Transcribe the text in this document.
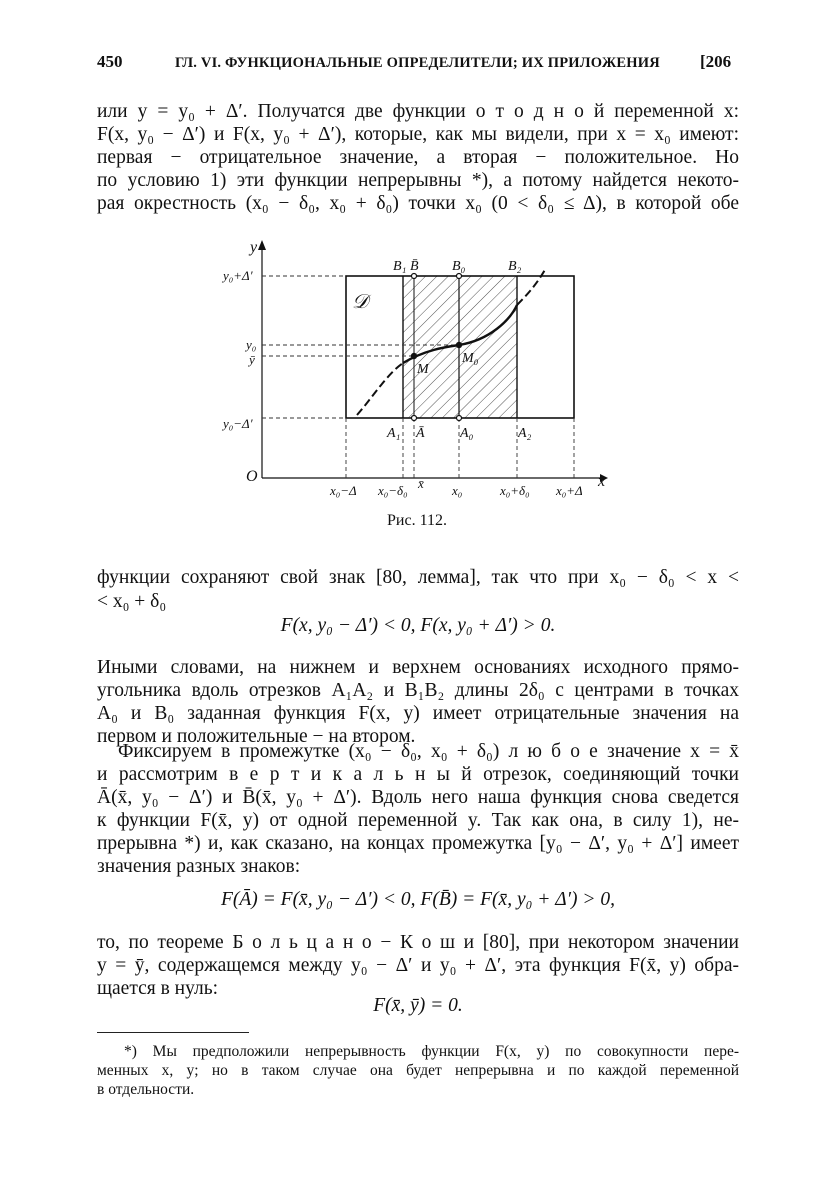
450	ГЛ. VI. ФУНКЦИОНАЛЬНЫЕ ОПРЕДЕЛИТЕЛИ; ИХ ПРИЛОЖЕНИЯ [206
или y = y₀ + Δ′. Получатся две функции о т о д н о й переменной x:
F(x, y₀ − Δ′) и F(x, y₀ + Δ′), которые, как мы видели, при x = x₀ имеют:
первая − отрицательное значение, а вторая − положительное. Но
по условию 1) эти функции непрерывны *), а потому найдется некото-
рая окрестность (x₀ − δ₀, x₀ + δ₀) точки x₀ (0 < δ₀ ≤ Δ), в которой обе
y
x
O
𝒟
B₁ B̄ B₀	B₂
A₁ Ā	A₀	A₂
y₀+Δ′
y₀
ȳ
y₀−Δ′
x₀−Δ x₀−δ₀ x̄ x₀	x₀+δ₀ x₀+Δ
M₀
M
Рис. 112.
функции сохраняют свой знак [80, лемма], так что при x₀ − δ₀ < x <
< x₀ + δ₀
F(x, y₀ − Δ′) < 0, F(x, y₀ + Δ′) > 0.
Иными словами, на нижнем и верхнем основаниях исходного прямо-
угольника вдоль отрезков A₁A₂ и B₁B₂ длины 2δ₀ с центрами в точках
A₀ и B₀ заданная функция F(x, y) имеет отрицательные значения на
первом и положительные − на втором.
Фиксируем в промежутке (x₀ − δ₀, x₀ + δ₀) л ю б о е значение x = x̄
и рассмотрим в е р т и к а л ь н ы й отрезок, соединяющий точки
Ā(x̄, y₀ − Δ′) и B̄(x̄, y₀ + Δ′). Вдоль него наша функция снова сведется
к функции F(x̄, y) от одной переменной y. Так как она, в силу 1), не-
прерывна *) и, как сказано, на концах промежутка [y₀ − Δ′, y₀ + Δ′] имеет
значения разных знаков:
F(Ā) = F(x̄, y₀ − Δ′) < 0, F(B̄) = F(x̄, y₀ + Δ′) > 0,
то, по теореме Б о л ь ц а н о − К о ш и [80], при некотором значении
y = ȳ, содержащемся между y₀ − Δ′ и y₀ + Δ′, эта функция F(x̄, y) обра-
щается в нуль:
F(x̄, ȳ) = 0.
*) Мы предположили непрерывность функции F(x, y) по совокупности пере-
менных x, y; но в таком случае она будет непрерывна и по каждой переменной
в отдельности.
